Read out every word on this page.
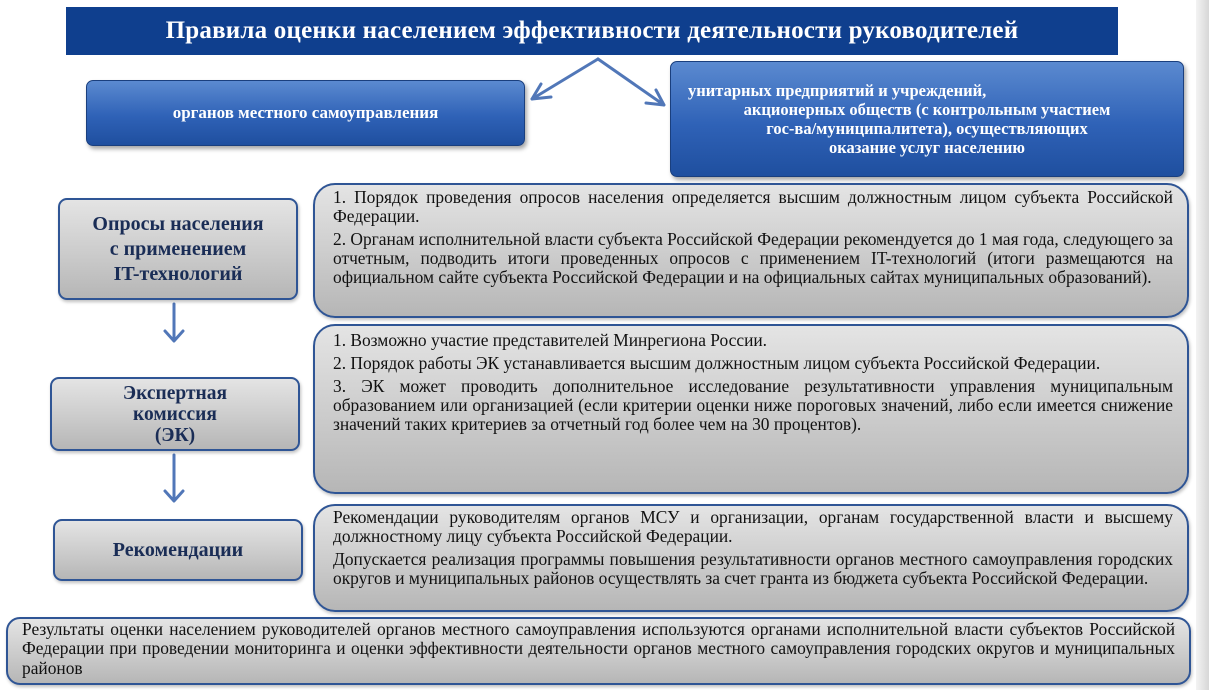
Правила оценки населением эффективности деятельности руководителей
органов местного самоуправления
унитарных предприятий и учреждений,
акционерных обществ (с контрольным участием
гос-ва/муниципалитета), осуществляющих
оказание услуг населению
Опросы населения
с применением
IT-технологий

1. Порядок проведения опросов населения определяется высшим должностным лицом субъекта Российской Федерации.

2. Органам исполнительной власти субъекта Российской Федерации рекомендуется до 1 мая года, следующего за отчетным, подводить итоги проведенных опросов с применением IT-технологий (итоги размещаются на официальном сайте субъекта Российской Федерации и на официальных сайтах муниципальных образований).

Экспертная
комиссия
(ЭК)

1. Возможно участие представителей Минрегиона России.

2. Порядок работы ЭК устанавливается высшим должностным лицом субъекта Российской Федерации.

3. ЭК может проводить дополнительное исследование результативности управления муниципальным образованием или организацией (если критерии оценки ниже пороговых значений, либо если имеется снижение значений таких критериев за отчетный год более чем на 30 процентов).

Рекомендации

Рекомендации руководителям органов МСУ и организации, органам государственной власти и высшему должностному лицу субъекта Российской Федерации.

Допускается реализация программы повышения результативности органов местного самоуправления городских округов и муниципальных районов осуществлять за счет гранта из бюджета субъекта Российской Федерации.

Результаты оценки населением руководителей органов местного самоуправления используются органами исполнительной власти субъектов Российской Федерации при проведении мониторинга и оценки эффективности деятельности органов местного самоуправления городских округов и муниципальных районов
